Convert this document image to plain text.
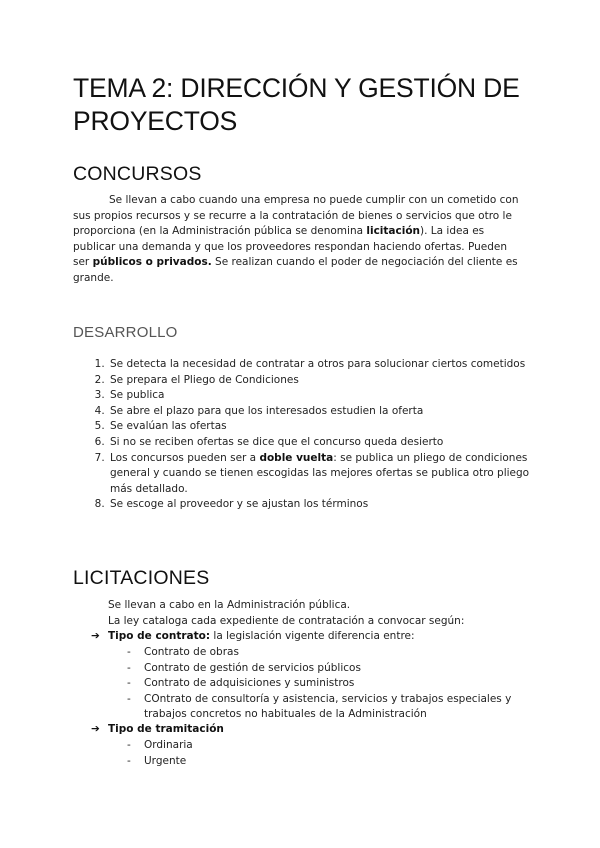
TEMA 2: DIRECCIÓN Y GESTIÓN DE PROYECTOS
CONCURSOS

Se llevan a cabo cuando una empresa no puede cumplir con un cometido con sus propios recursos y se recurre a la contratación de bienes o servicios que otro le proporciona (en la Administración pública se denomina licitación). La idea es publicar una demanda y que los proveedores respondan haciendo ofertas. Pueden ser públicos o privados. Se realizan cuando el poder de negociación del cliente es grande.

DESARROLLO
1. Se detecta la necesidad de contratar a otros para solucionar ciertos cometidos
2. Se prepara el Pliego de Condiciones
3. Se publica
4. Se abre el plazo para que los interesados estudien la oferta
5. Se evalúan las ofertas
6. Si no se reciben ofertas se dice que el concurso queda desierto
7. Los concursos pueden ser a doble vuelta: se publica un pliego de condiciones general y cuando se tienen escogidas las mejores ofertas se publica otro pliego más detallado.
8. Se escoge al proveedor y se ajustan los términos
LICITACIONES
Se llevan a cabo en la Administración pública.
La ley cataloga cada expediente de contratación a convocar según:
➔ Tipo de contrato: la legislación vigente diferencia entre:
- Contrato de obras
- Contrato de gestión de servicios públicos
- Contrato de adquisiciones y suministros
- COntrato de consultoría y asistencia, servicios y trabajos especiales y trabajos concretos no habituales de la Administración
➔ Tipo de tramitación
- Ordinaria
- Urgente
